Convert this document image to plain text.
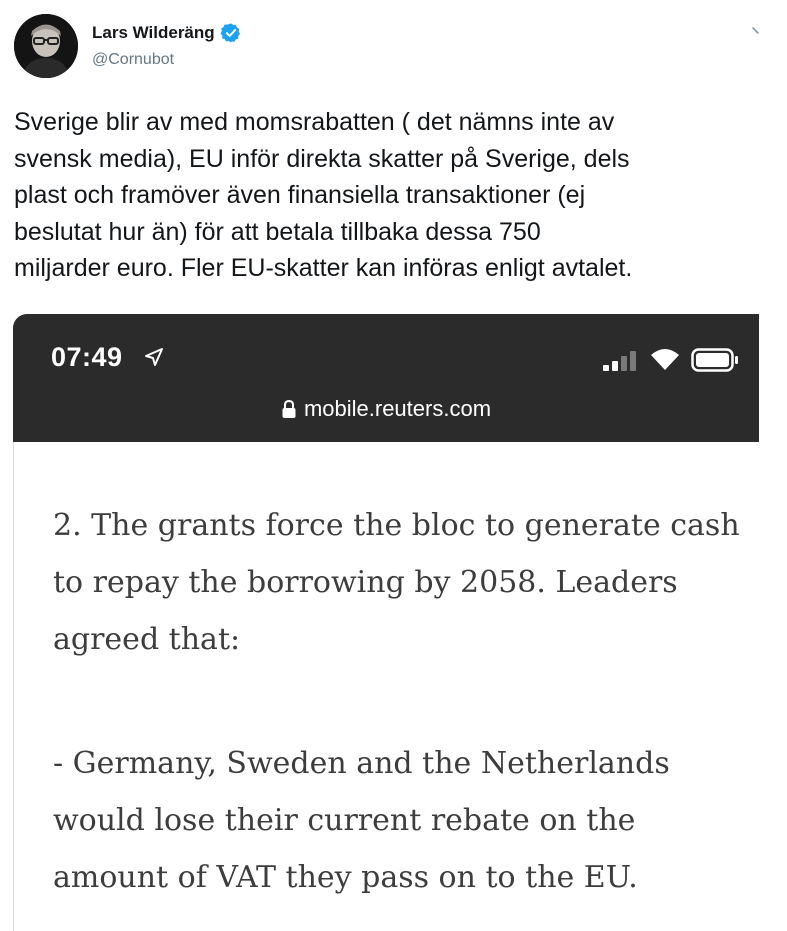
Lars Wilderäng
@Cornubot
Sverige blir av med momsrabatten ( det nämns inte av
svensk media), EU inför direkta skatter på Sverige, dels
plast och framöver även finansiella transaktioner (ej
beslutat hur än) för att betala tillbaka dessa 750
miljarder euro. Fler EU-skatter kan införas enligt avtalet.
07:49
mobile.reuters.com

2. The grants force the bloc to generate cash
to repay the borrowing by 2058. Leaders
agreed that:

- Germany, Sweden and the Netherlands
would lose their current rebate on the
amount of VAT they pass on to the EU.
